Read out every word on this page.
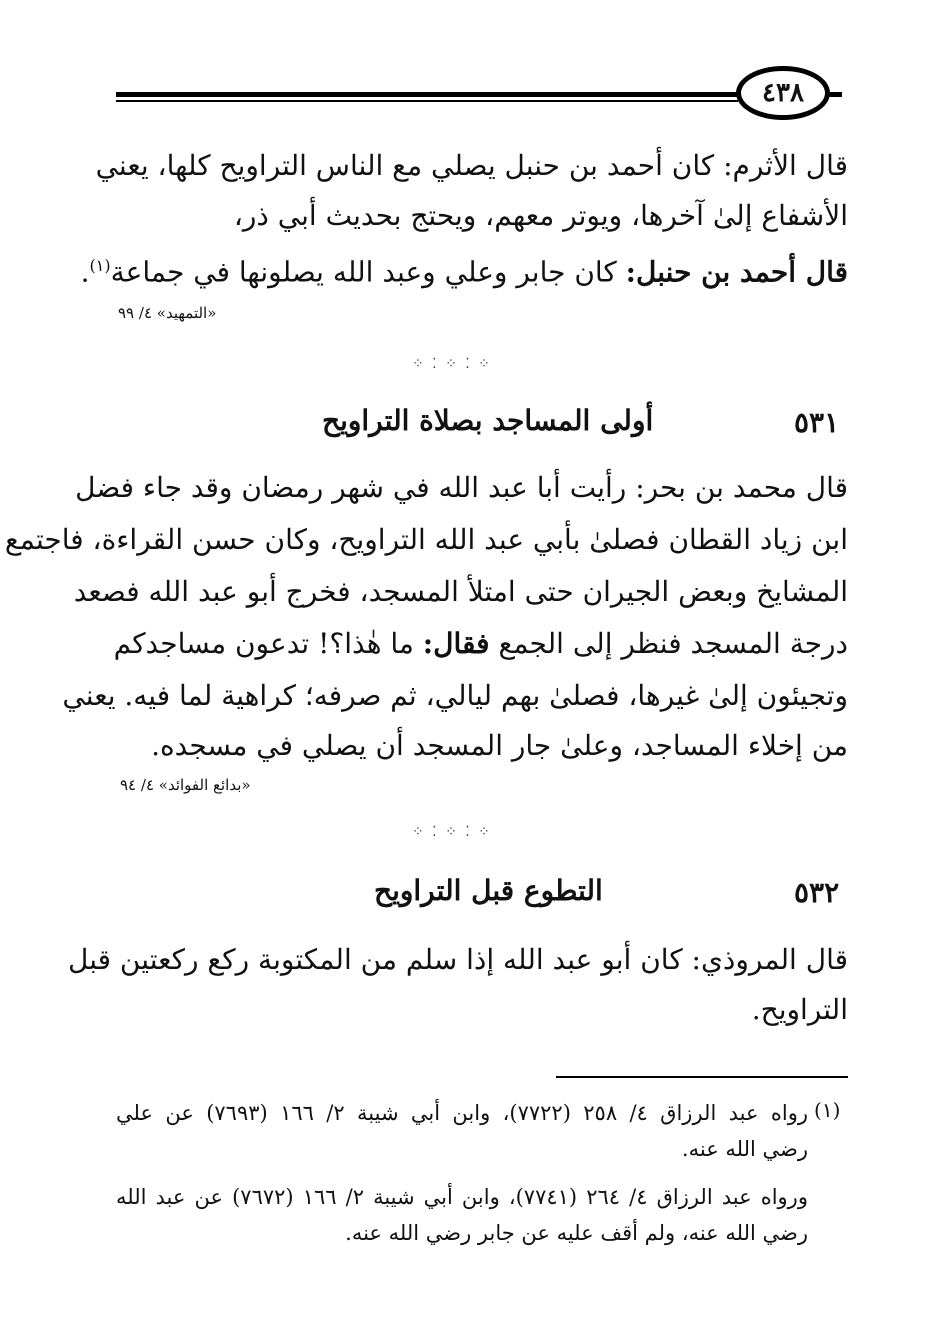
٤٣٨
قال الأثرم: كان أحمد بن حنبل يصلي مع الناس التراويح كلها، يعني
الأشفاع إلىٰ آخرها، ويوتر معهم، ويحتج بحديث أبي ذر،
قال أحمد بن حنبل: كان جابر وعلي وعبد الله يصلونها في جماعة$^{(١)}$.
«التمهيد» ٤/ ٩٩
⁘ ⁚ ⁘ ⁚ ⁘
٥٣١
أولى المساجد بصلاة التراويح
قال محمد بن بحر: رأيت أبا عبد الله في شهر رمضان وقد جاء فضل
ابن زياد القطان فصلىٰ بأبي عبد الله التراويح، وكان حسن القراءة، فاجتمع
المشايخ وبعض الجيران حتى امتلأ المسجد، فخرج أبو عبد الله فصعد
درجة المسجد فنظر إلى الجمع فقال: ما هٰذا؟! تدعون مساجدكم
وتجيئون إلىٰ غيرها، فصلىٰ بهم ليالي، ثم صرفه؛ كراهية لما فيه. يعني
من إخلاء المساجد، وعلىٰ جار المسجد أن يصلي في مسجده.
«بدائع الفوائد» ٤/ ٩٤
⁘ ⁚ ⁘ ⁚ ⁘
٥٣٢
التطوع قبل التراويح
قال المروذي: كان أبو عبد الله إذا سلم من المكتوبة ركع ركعتين قبل
التراويح.
(١)
رواه عبد الرزاق ٤/ ٢٥٨ (٧٧٢٢)، وابن أبي شيبة ٢/ ١٦٦ (٧٦٩٣) عن علي
رضي الله عنه.
ورواه عبد الرزاق ٤/ ٢٦٤ (٧٧٤١)، وابن أبي شيبة ٢/ ١٦٦ (٧٦٧٢) عن عبد الله
رضي الله عنه، ولم أقف عليه عن جابر رضي الله عنه.
